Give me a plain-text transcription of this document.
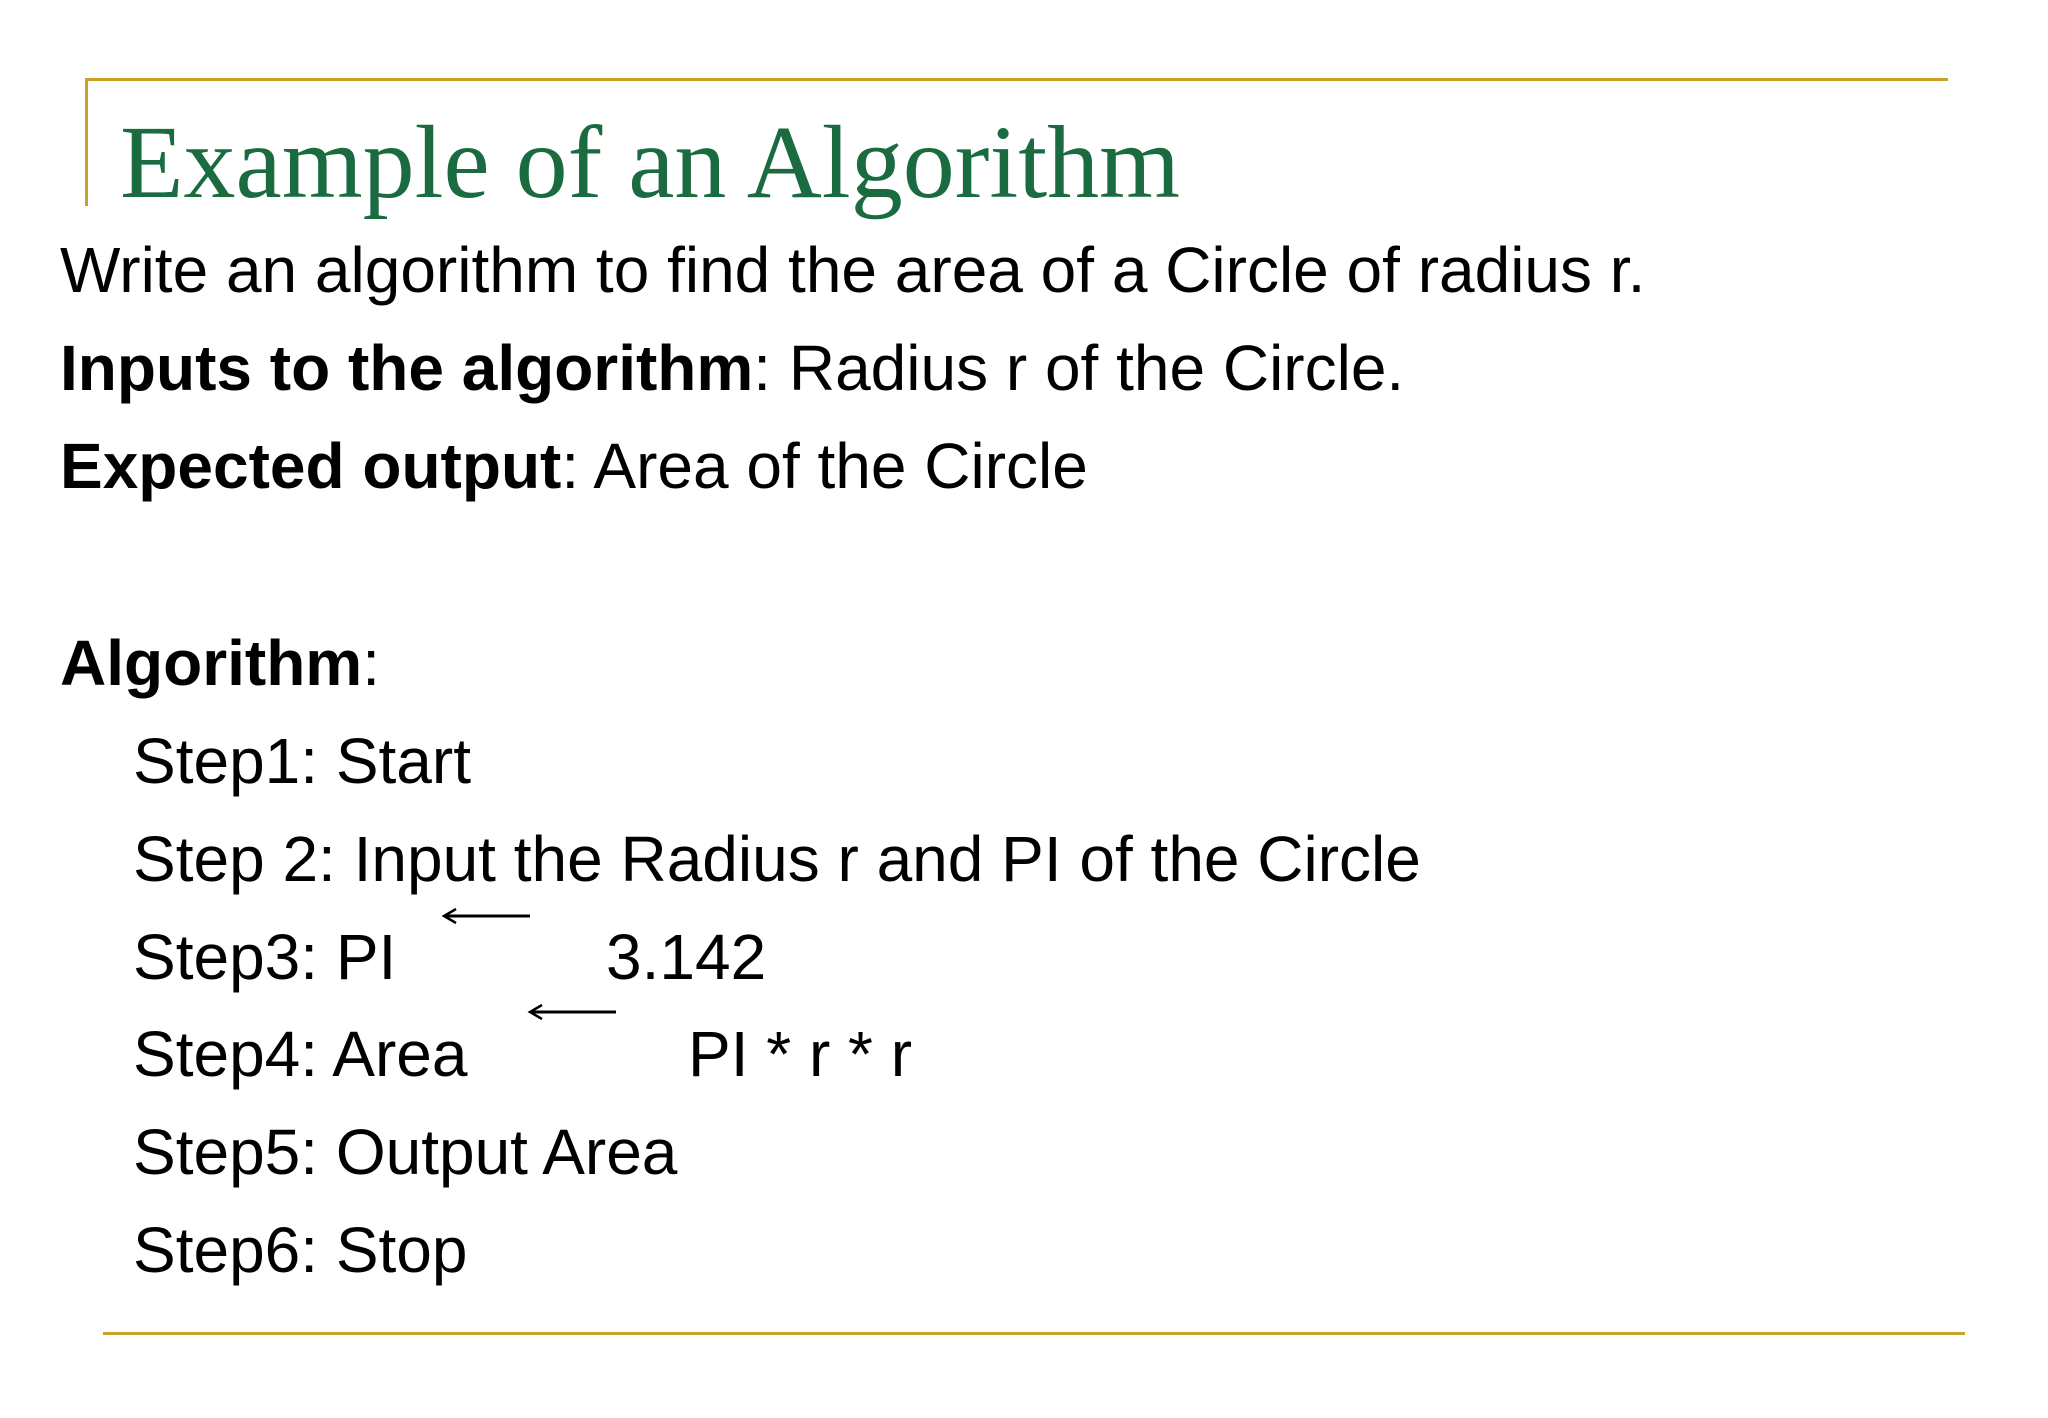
Example of an Algorithm

Write an algorithm to find the area of a Circle of radius r.

Inputs to the algorithm: Radius r of the Circle.

Expected output: Area of the Circle

Algorithm:

Step1: Start

Step 2: Input the Radius r and PI of the Circle

Step3: PI	3.142

Step4: Area	PI * r * r

Step5: Output Area

Step6: Stop
